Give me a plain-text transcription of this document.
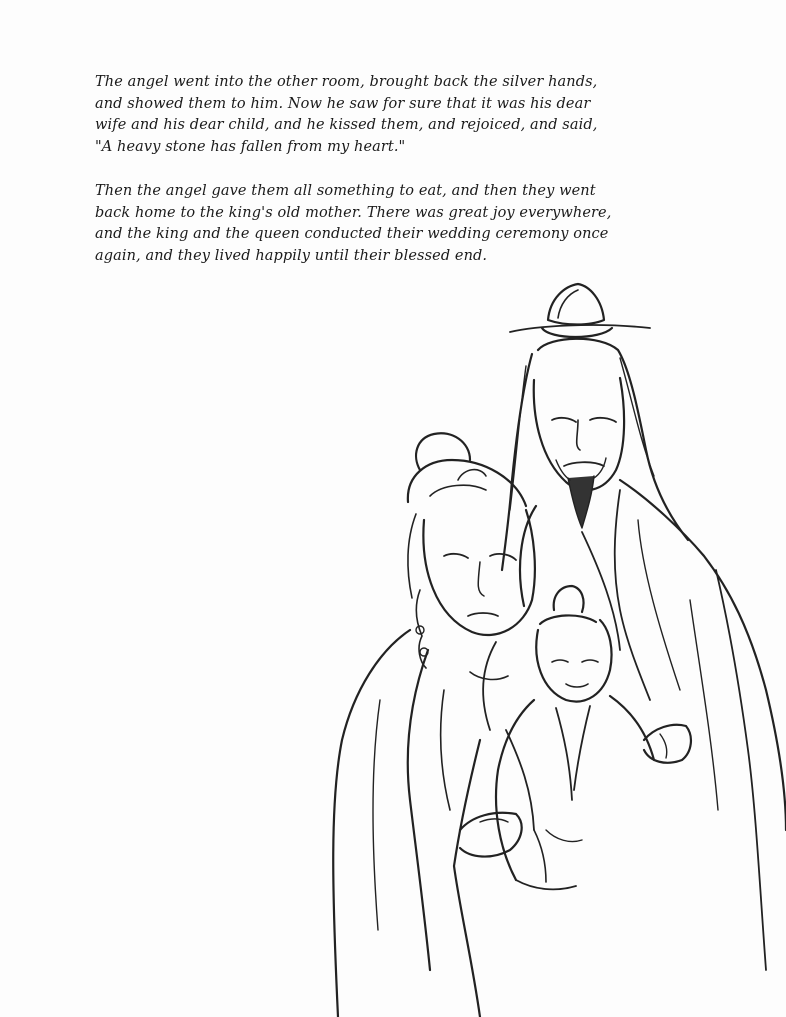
The angel went into the other room, brought back the silver hands,
and showed them to him. Now he saw for sure that it was his dear
wife and his dear child, and he kissed them, and rejoiced, and said,
"A heavy stone has fallen from my heart."

Then the angel gave them all something to eat, and then they went
back home to the king's old mother. There was great joy everywhere,
and the king and the queen conducted their wedding ceremony once
again, and they lived happily until their blessed end.
